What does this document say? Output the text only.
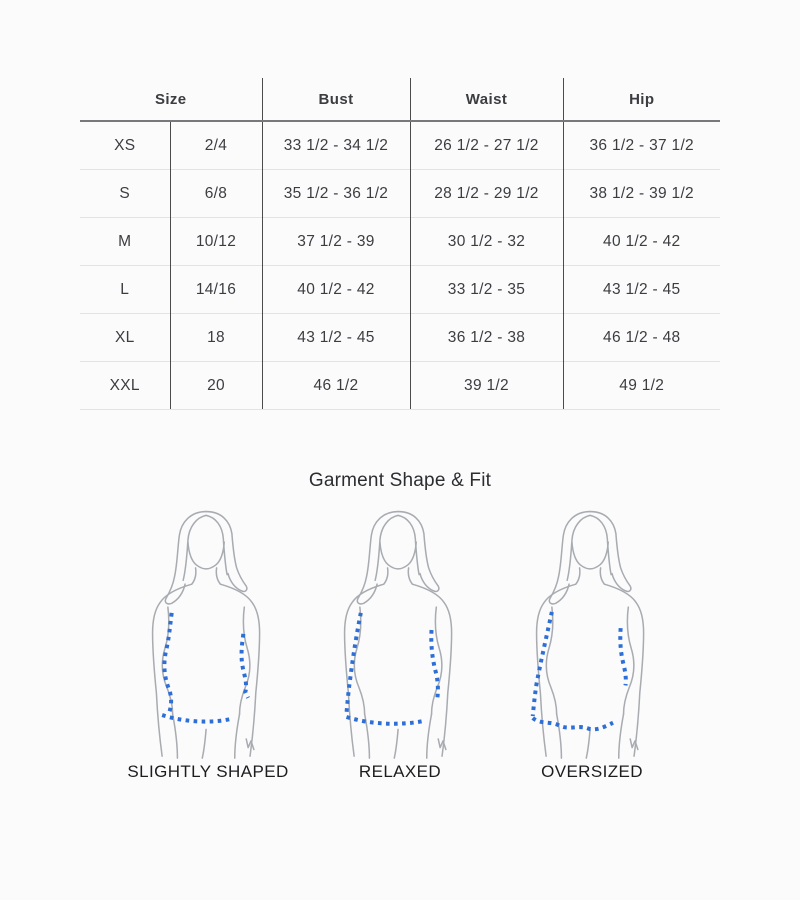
Size		Bust	Waist	Hip
XS	2/4	33 1/2 - 34 1/2	26 1/2 - 27 1/2	36 1/2 - 37 1/2
S	6/8	35 1/2 - 36 1/2	28 1/2 - 29 1/2	38 1/2 - 39 1/2
M	10/12	37 1/2 - 39	30 1/2 - 32	40 1/2 - 42
L	14/16	40 1/2 - 42	33 1/2 - 35	43 1/2 - 45
XL	18	43 1/2 - 45	36 1/2 - 38	46 1/2 - 48
XXL	20	46 1/2	39 1/2	49 1/2
Garment Shape & Fit
SLIGHTLY SHAPED	RELAXED	OVERSIZED
